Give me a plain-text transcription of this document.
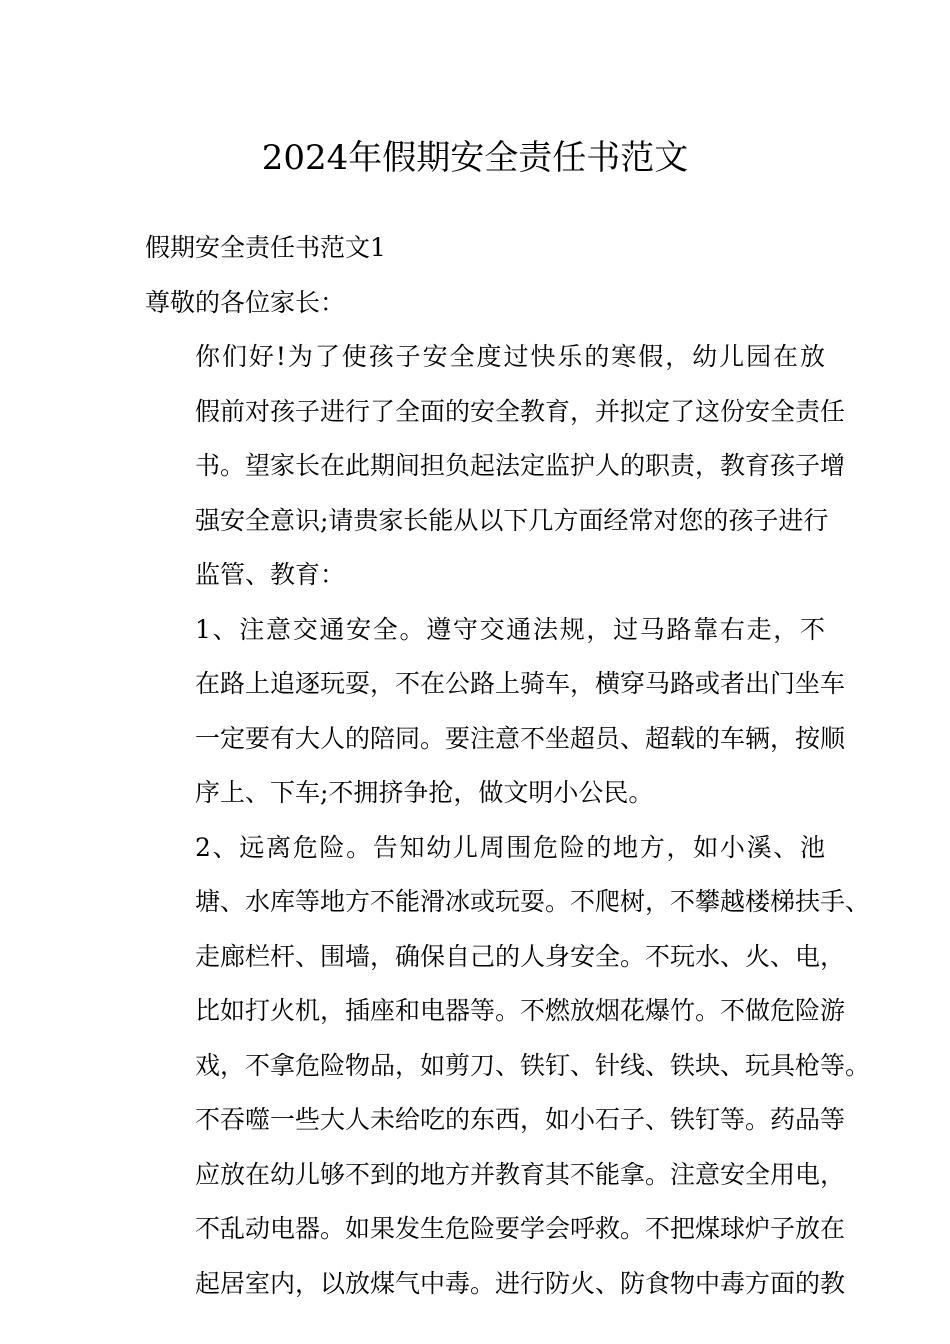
2024年假期安全责任书范文

假期安全责任书范文1

尊敬的各位家长：

你们好!为了使孩子安全度过快乐的寒假，幼儿园在放
假前对孩子进行了全面的安全教育，并拟定了这份安全责任
书。望家长在此期间担负起法定监护人的职责，教育孩子增
强安全意识;请贵家长能从以下几方面经常对您的孩子进行
监管、教育：

1、注意交通安全。遵守交通法规，过马路靠右走，不
在路上追逐玩耍，不在公路上骑车，横穿马路或者出门坐车
一定要有大人的陪同。要注意不坐超员、超载的车辆，按顺
序上、下车;不拥挤争抢，做文明小公民。

2、远离危险。告知幼儿周围危险的地方，如小溪、池
塘、水库等地方不能滑冰或玩耍。不爬树，不攀越楼梯扶手、
走廊栏杆、围墙，确保自己的人身安全。不玩水、火、电，
比如打火机，插座和电器等。不燃放烟花爆竹。不做危险游
戏，不拿危险物品，如剪刀、铁钉、针线、铁块、玩具枪等。
不吞噬一些大人未给吃的东西，如小石子、铁钉等。药品等
应放在幼儿够不到的地方并教育其不能拿。注意安全用电，
不乱动电器。如果发生危险要学会呼救。不把煤球炉子放在
起居室内，以放煤气中毒。进行防火、防食物中毒方面的教
